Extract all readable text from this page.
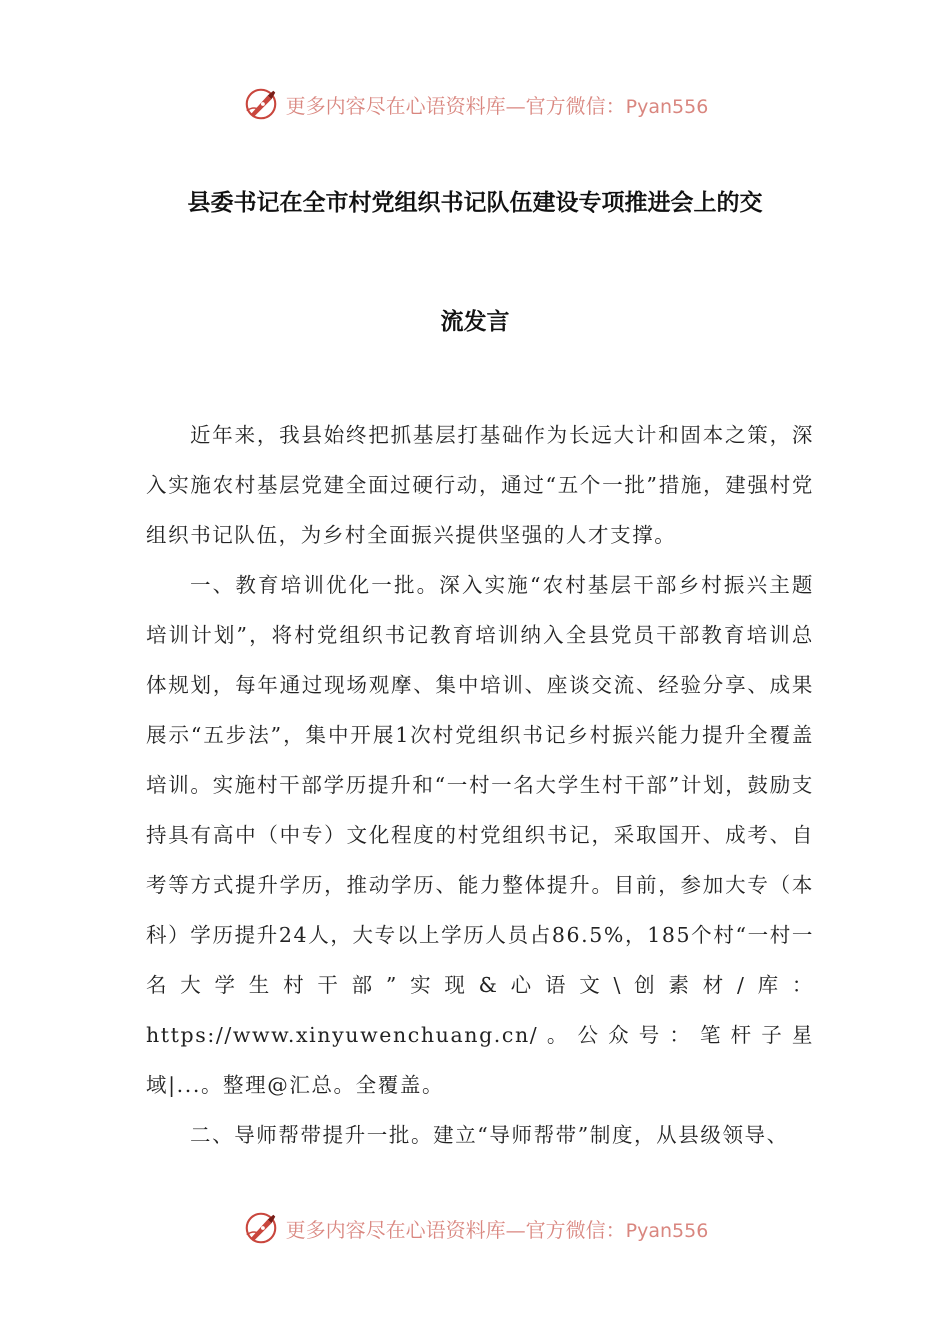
更多内容尽在心语资料库—官方微信：Pyan556
县委书记在全市村党组织书记队伍建设专项推进会上的交
流发言

近年来，我县始终把抓基层打基础作为长远大计和固本之策，深入实施农村基层党建全面过硬行动，通过“五个一批”措施，建强村党组织书记队伍，为乡村全面振兴提供坚强的人才支撑。

一、教育培训优化一批。深入实施“农村基层干部乡村振兴主题培训计划”，将村党组织书记教育培训纳入全县党员干部教育培训总体规划，每年通过现场观摩、集中培训、座谈交流、经验分享、成果展示“五步法”，集中开展1次村党组织书记乡村振兴能力提升全覆盖培训。实施村干部学历提升和“一村一名大学生村干部”计划，鼓励支持具有高中（中专）文化程度的村党组织书记，采取国开、成考、自考等方式提升学历，推动学历、能力整体提升。目前，参加大专（本科）学历提升24人，大专以上学历人员占86.5%，185个村“一村一名大学生村干部”实现&心语文\创素材/库：https://www.xinyuwenchuang.cn/。公众号：笔杆子星域|...。整理@汇总。全覆盖。

二、导师帮带提升一批。建立“导师帮带”制度，从县级领导、

更多内容尽在心语资料库—官方微信：Pyan556
